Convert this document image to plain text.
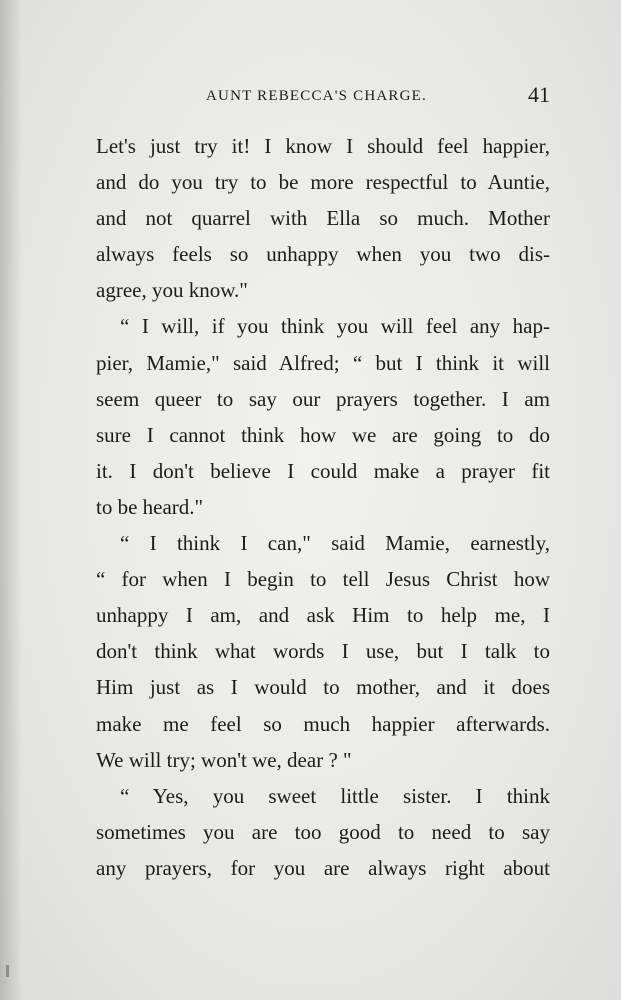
AUNT REBECCA'S CHARGE.	41
Let's just try it! I know I should feel happier,
and do you try to be more respectful to Auntie,
and not quarrel with Ella so much. Mother
always feels so unhappy when you two dis-
agree, you know."
“ I will, if you think you will feel any hap-
pier, Mamie," said Alfred; “ but I think it will
seem queer to say our prayers together. I am
sure I cannot think how we are going to do
it. I don't believe I could make a prayer fit
to be heard."
“ I think I can," said Mamie, earnestly,
“ for when I begin to tell Jesus Christ how
unhappy I am, and ask Him to help me, I
don't think what words I use, but I talk to
Him just as I would to mother, and it does
make me feel so much happier afterwards.
We will try; won't we, dear ? "
“ Yes, you sweet little sister. I think
sometimes you are too good to need to say
any prayers, for you are always right about
